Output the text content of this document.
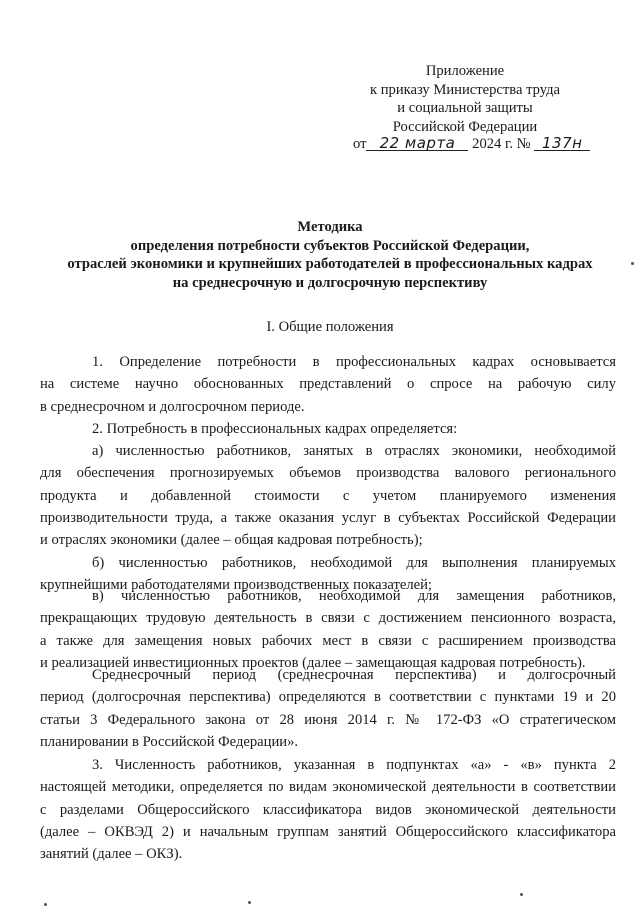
Приложение
к приказу Министерства труда
и социальной защиты
Российской Федерации
от 22 марта 2024 г. № 137н
Методика
определения потребности субъектов Российской Федерации,
отраслей экономики и крупнейших работодателей в профессиональных кадрах
на среднесрочную и долгосрочную перспективу
I. Общие положения
1. Определение потребности в профессиональных кадрах основывается
на системе научно обоснованных представлений о спросе на рабочую силу
в среднесрочном и долгосрочном периоде.
2. Потребность в профессиональных кадрах определяется:
а) численностью работников, занятых в отраслях экономики, необходимой
для обеспечения прогнозируемых объемов производства валового регионального
продукта и добавленной стоимости с учетом планируемого изменения
производительности труда, а также оказания услуг в субъектах Российской Федерации
и отраслях экономики (далее – общая кадровая потребность);
б) численностью работников, необходимой для выполнения планируемых
крупнейшими работодателями производственных показателей;
в) численностью работников, необходимой для замещения работников,
прекращающих трудовую деятельность в связи с достижением пенсионного возраста,
а также для замещения новых рабочих мест в связи с расширением производства
и реализацией инвестиционных проектов (далее – замещающая кадровая потребность).
Среднесрочный период (среднесрочная перспектива) и долгосрочный
период (долгосрочная перспектива) определяются в соответствии с пунктами 19 и 20
статьи 3 Федерального закона от 28 июня 2014 г. № 172-ФЗ «О стратегическом
планировании в Российской Федерации».
3. Численность работников, указанная в подпунктах «а» - «в» пункта 2
настоящей методики, определяется по видам экономической деятельности в соответствии
с разделами Общероссийского классификатора видов экономической деятельности
(далее – ОКВЭД 2) и начальным группам занятий Общероссийского классификатора
занятий (далее – ОКЗ).
